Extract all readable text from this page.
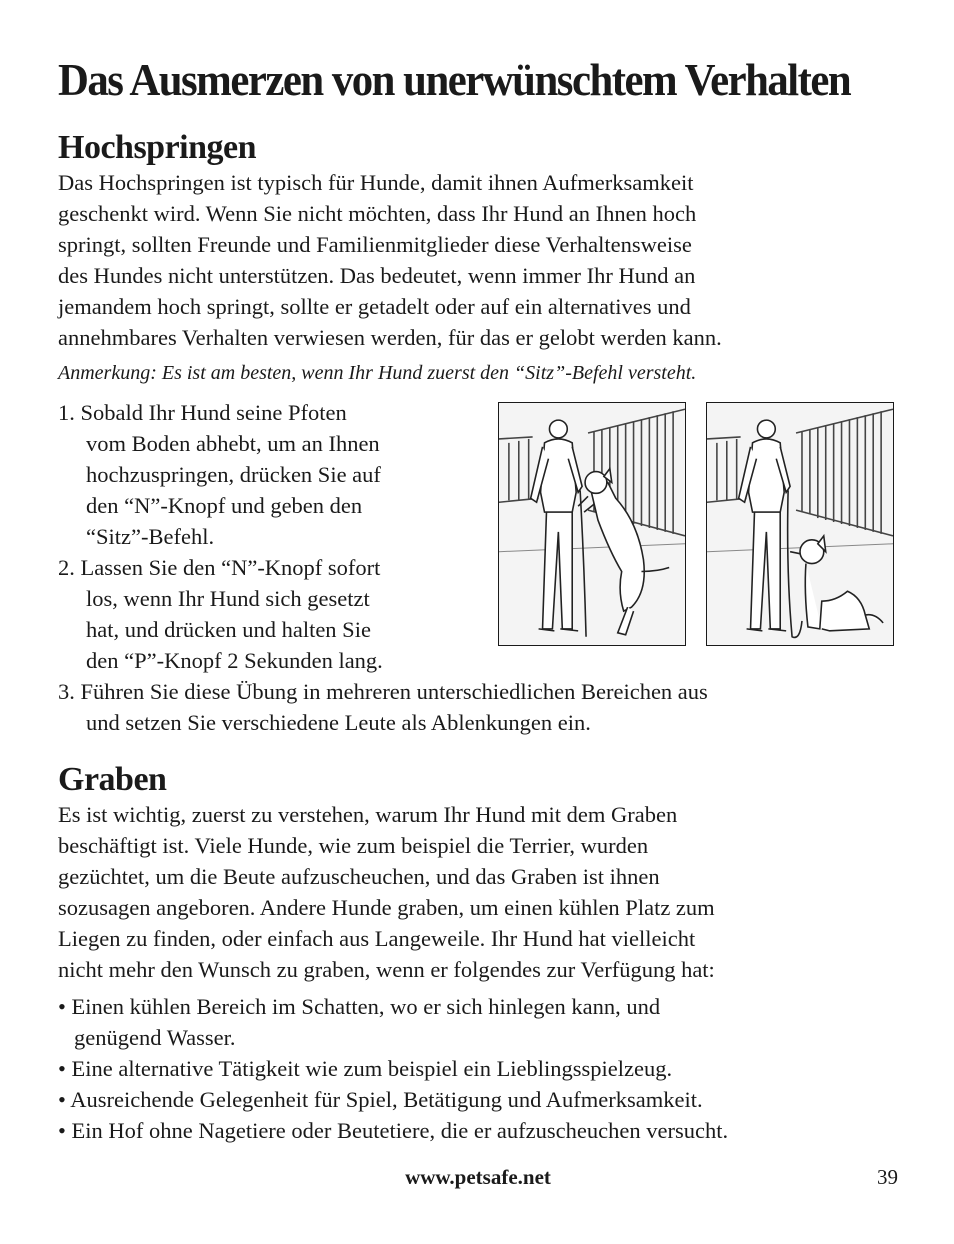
Das Ausmerzen von unerwünschtem Verhalten
Hochspringen
Das Hochspringen ist typisch für Hunde, damit ihnen Aufmerksamkeit
geschenkt wird. Wenn Sie nicht möchten, dass Ihr Hund an Ihnen hoch
springt, sollten Freunde und Familienmitglieder diese Verhaltensweise
des Hundes nicht unterstützen. Das bedeutet, wenn immer Ihr Hund an
jemandem hoch springt, sollte er getadelt oder auf ein alternatives und
annehmbares Verhalten verwiesen werden, für das er gelobt werden kann.

Anmerkung: Es ist am besten, wenn Ihr Hund zuerst den “Sitz”-Befehl versteht.

1. Sobald Ihr Hund seine Pfoten
vom Boden abhebt, um an Ihnen
hochzuspringen, drücken Sie auf
den “N”-Knopf und geben den
“Sitz”-Befehl.
2. Lassen Sie den “N”-Knopf sofort
los, wenn Ihr Hund sich gesetzt
hat, und drücken und halten Sie
den “P”-Knopf 2 Sekunden lang.
3. Führen Sie diese Übung in mehreren unterschiedlichen Bereichen aus
und setzen Sie verschiedene Leute als Ablenkungen ein.
Graben
Es ist wichtig, zuerst zu verstehen, warum Ihr Hund mit dem Graben
beschäftigt ist. Viele Hunde, wie zum beispiel die Terrier, wurden
gezüchtet, um die Beute aufzuscheuchen, und das Graben ist ihnen
sozusagen angeboren. Andere Hunde graben, um einen kühlen Platz zum
Liegen zu finden, oder einfach aus Langeweile. Ihr Hund hat vielleicht
nicht mehr den Wunsch zu graben, wenn er folgendes zur Verfügung hat:
• Einen kühlen Bereich im Schatten, wo er sich hinlegen kann, und
genügend Wasser.
• Eine alternative Tätigkeit wie zum beispiel ein Lieblingsspielzeug.
• Ausreichende Gelegenheit für Spiel, Betätigung und Aufmerksamkeit.
• Ein Hof ohne Nagetiere oder Beutetiere, die er aufzuscheuchen versucht.
www.petsafe.net	39
